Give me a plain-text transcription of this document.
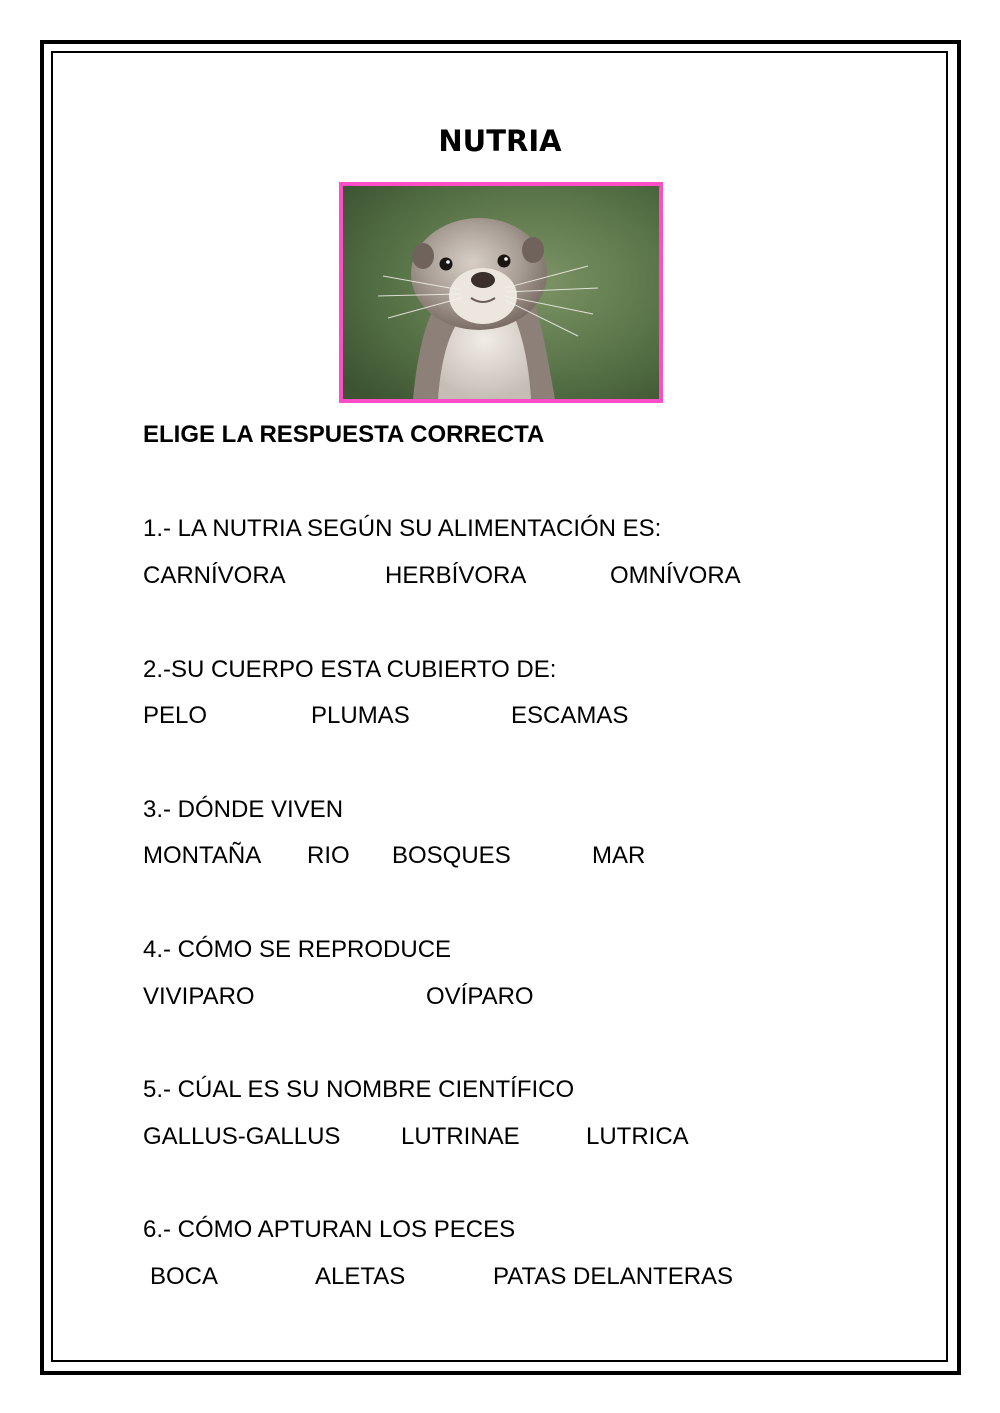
NUTRIA

ELIGE LA RESPUESTA CORRECTA

1.- LA NUTRIA SEGÚN SU ALIMENTACIÓN ES:

CARNÍVORA	HERBÍVORA	OMNÍVORA

2.-SU CUERPO ESTA CUBIERTO DE:

PELO	PLUMAS	ESCAMAS

3.- DÓNDE VIVEN

MONTAÑA RIO BOSQUES	MAR

4.- CÓMO SE REPRODUCE

VIVIPARO	OVÍPARO

5.- CÚAL ES SU NOMBRE CIENTÍFICO

GALLUS-GALLUS	LUTRINAE	LUTRICA

6.- CÓMO APTURAN LOS PECES

BOCA	ALETAS	PATAS DELANTERAS
